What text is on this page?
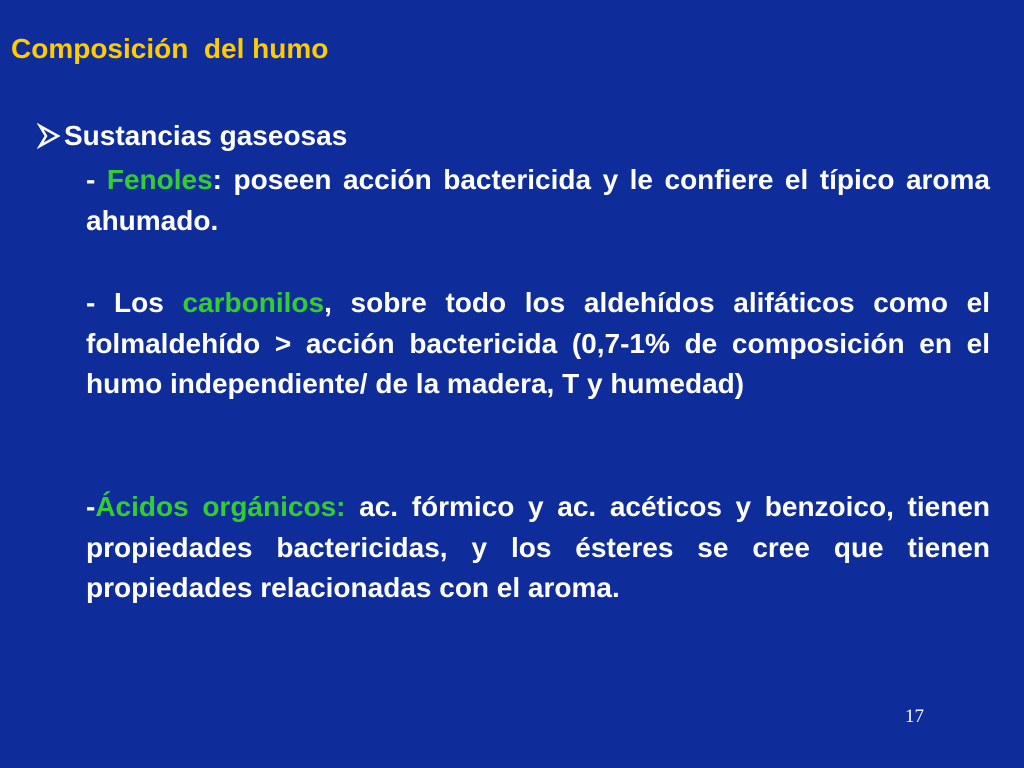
Composición  del humo
Sustancias gaseosas
- Fenoles: poseen acción bactericida y le confiere el típico aroma ahumado.
- Los carbonilos, sobre todo los aldehídos alifáticos como el folmaldehído > acción bactericida (0,7-1% de composición en el humo independiente/ de la madera, T y humedad)
-Ácidos orgánicos: ac. fórmico y ac. acéticos y benzoico, tienen propiedades bactericidas, y los ésteres se cree que tienen propiedades relacionadas con el aroma.
17
